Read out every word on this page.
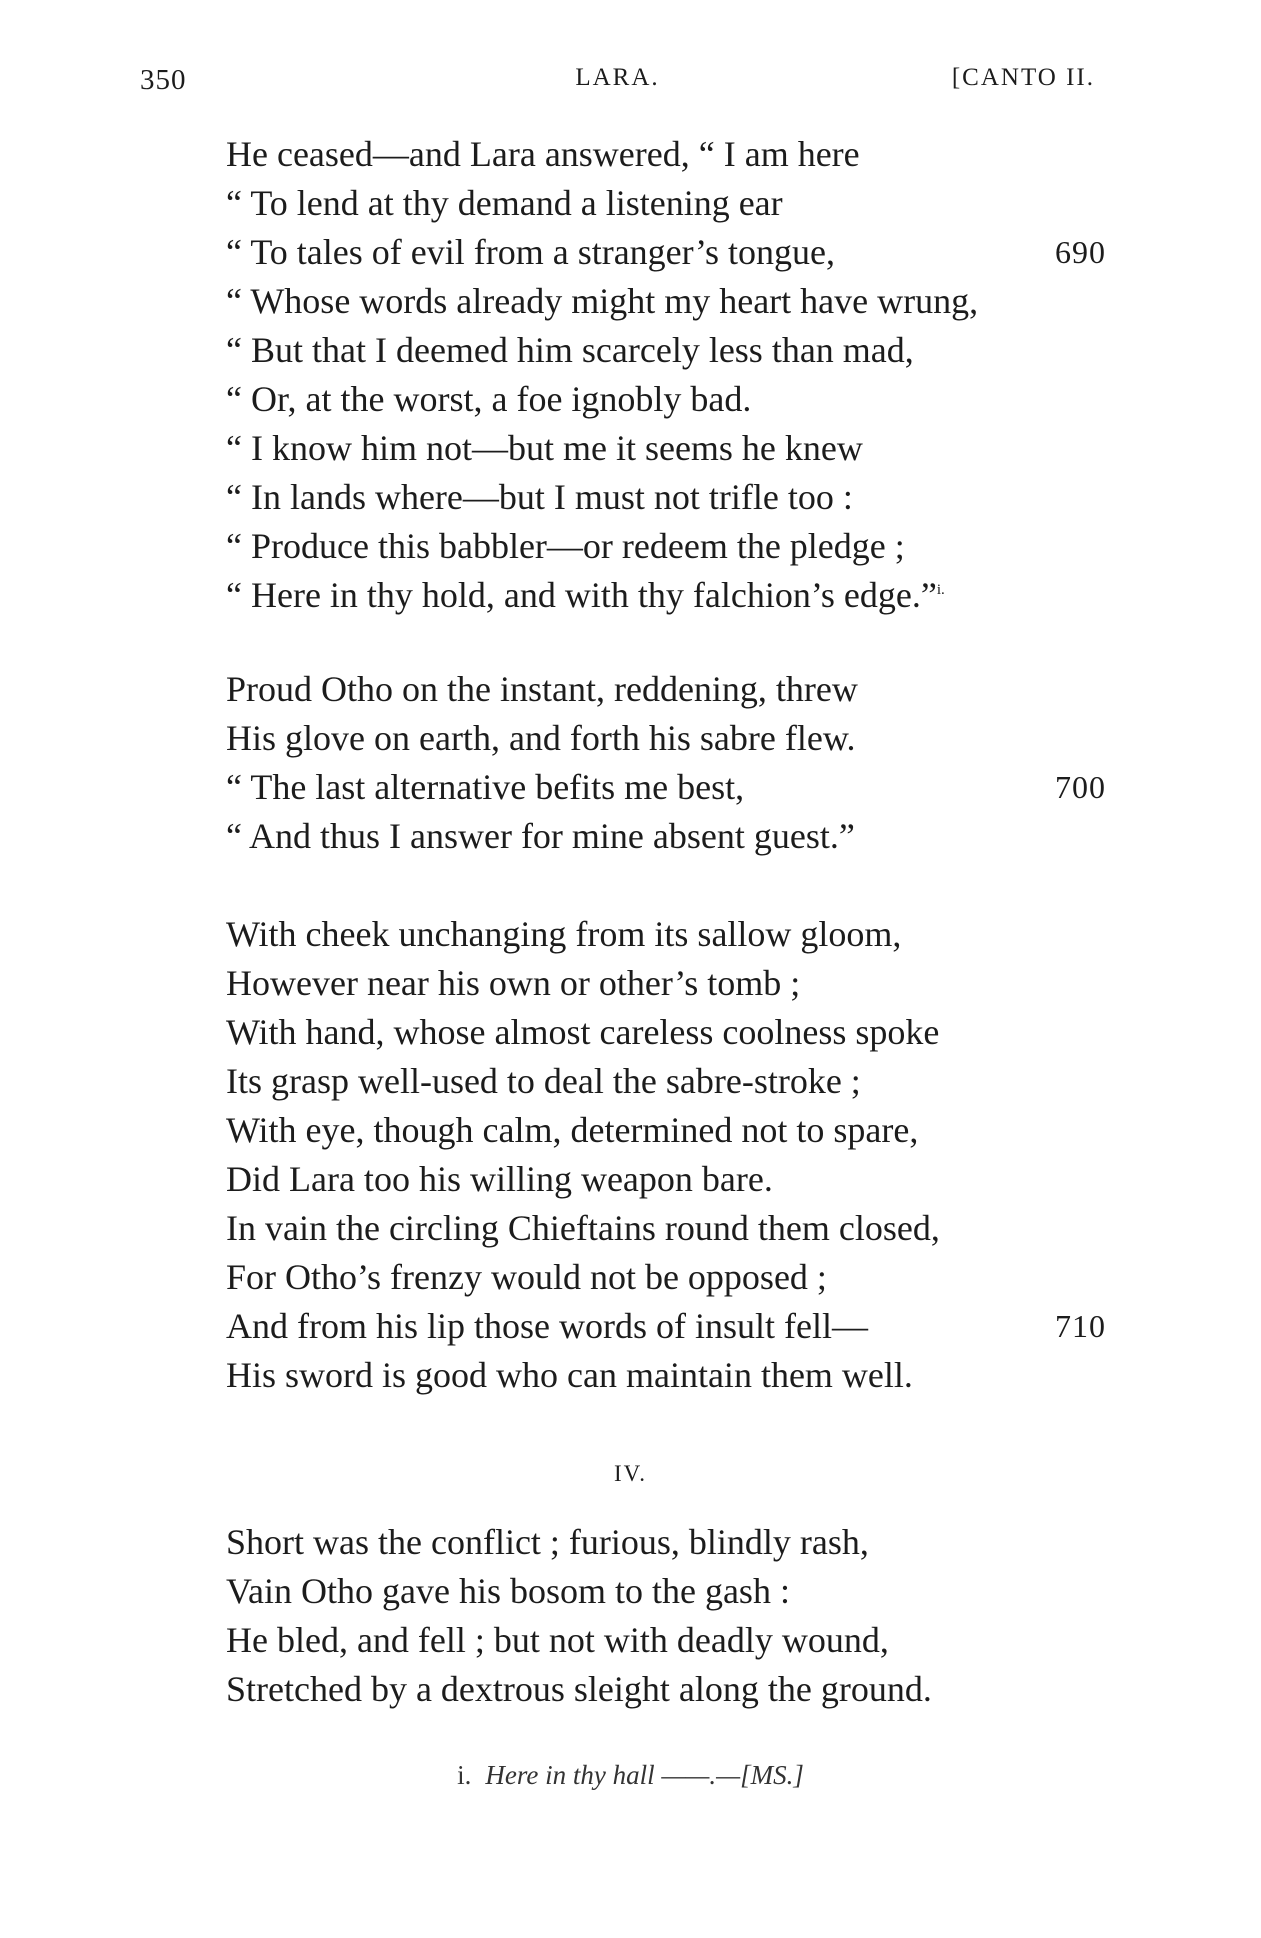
350	LARA.	[CANTO II.
He ceased—and Lara answered, “ I am here
“ To lend at thy demand a listening ear
“ To tales of evil from a stranger’s tongue,	690
“ Whose words already might my heart have wrung,
“ But that I deemed him scarcely less than mad,
“ Or, at the worst, a foe ignobly bad.
“ I know him not—but me it seems he knew
“ In lands where—but I must not trifle too :
“ Produce this babbler—or redeem the pledge ;
“ Here in thy hold, and with thy falchion’s edge.”$^{i.}$
Proud Otho on the instant, reddening, threw
His glove on earth, and forth his sabre flew.
“ The last alternative befits me best,	700
“ And thus I answer for mine absent guest.”
With cheek unchanging from its sallow gloom,
However near his own or other’s tomb ;
With hand, whose almost careless coolness spoke
Its grasp well-used to deal the sabre-stroke ;
With eye, though calm, determined not to spare,
Did Lara too his willing weapon bare.
In vain the circling Chieftains round them closed,
For Otho’s frenzy would not be opposed ;
And from his lip those words of insult fell—	710
His sword is good who can maintain them well.
IV.
Short was the conflict ; furious, blindly rash,
Vain Otho gave his bosom to the gash :
He bled, and fell ; but not with deadly wound,
Stretched by a dextrous sleight along the ground.
i. Here in thy hall ——.—[MS.]
